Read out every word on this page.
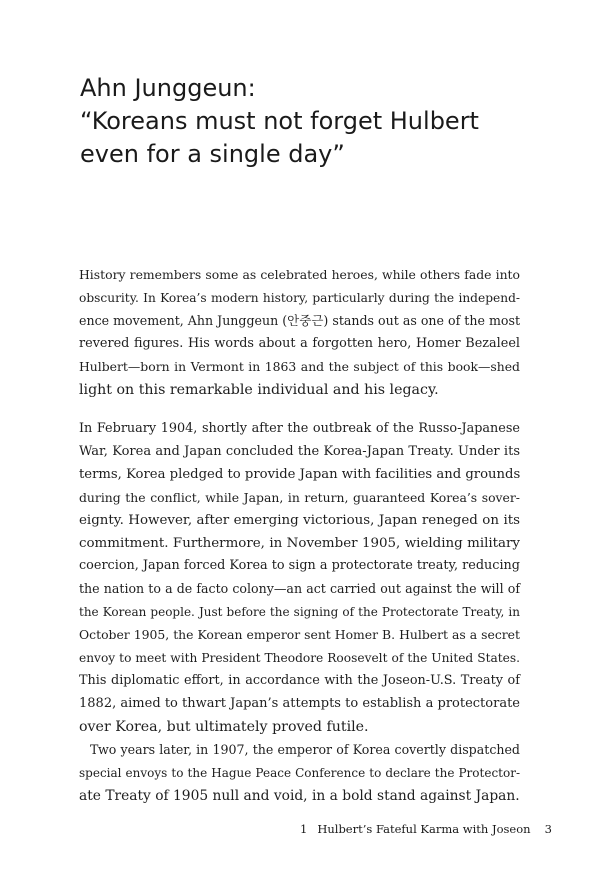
Ahn Junggeun:
“Koreans must not forget Hulbert
even for a single day”
History remembers some as celebrated heroes, while others fade into
obscurity. In Korea’s modern history, particularly during the independ-
ence movement, Ahn Junggeun (안중근) stands out as one of the most
revered figures. His words about a forgotten hero, Homer Bezaleel
Hulbert—born in Vermont in 1863 and the subject of this book—shed
light on this remarkable individual and his legacy.
In February 1904, shortly after the outbreak of the Russo-Japanese
War, Korea and Japan concluded the Korea-Japan Treaty. Under its
terms, Korea pledged to provide Japan with facilities and grounds
during the conflict, while Japan, in return, guaranteed Korea’s sover-
eignty. However, after emerging victorious, Japan reneged on its
commitment. Furthermore, in November 1905, wielding military
coercion, Japan forced Korea to sign a protectorate treaty, reducing
the nation to a de facto colony—an act carried out against the will of
the Korean people. Just before the signing of the Protectorate Treaty, in
October 1905, the Korean emperor sent Homer B. Hulbert as a secret
envoy to meet with President Theodore Roosevelt of the United States.
This diplomatic effort, in accordance with the Joseon-U.S. Treaty of
1882, aimed to thwart Japan’s attempts to establish a protectorate
over Korea, but ultimately proved futile.
Two years later, in 1907, the emperor of Korea covertly dispatched
special envoys to the Hague Peace Conference to declare the Protector-
ate Treaty of 1905 null and void, in a bold stand against Japan.
1 Hulbert’s Fateful Karma with Joseon 3
